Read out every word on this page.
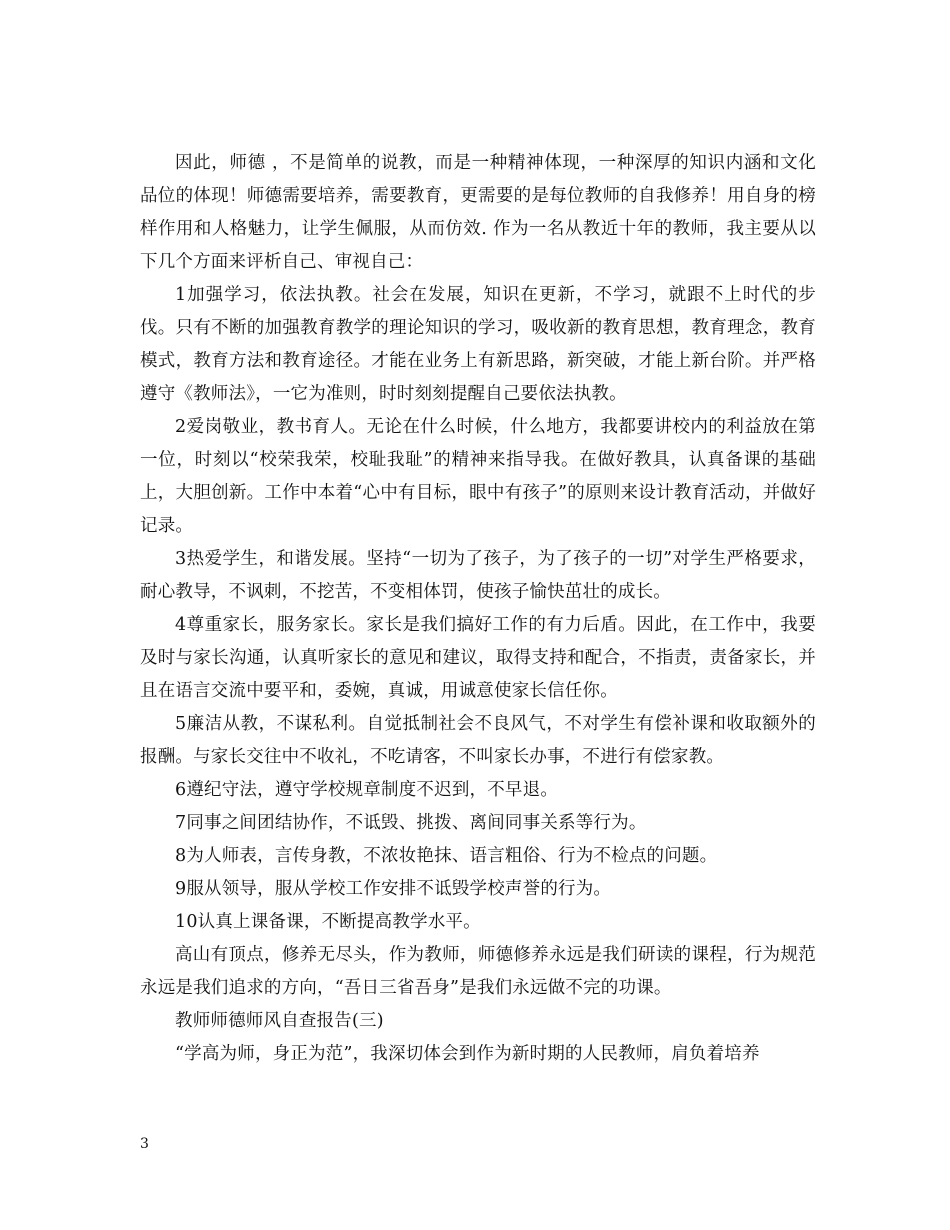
因此，师德 ，不是简单的说教，而是一种精神体现，一种深厚的知识内涵和文化品位的体现！师德需要培养，需要教育，更需要的是每位教师的自我修养！用自身的榜样作用和人格魅力，让学生佩服，从而仿效. 作为一名从教近十年的教师，我主要从以下几个方面来评析自己、审视自己：

1加强学习，依法执教。社会在发展，知识在更新，不学习，就跟不上时代的步伐。只有不断的加强教育教学的理论知识的学习，吸收新的教育思想，教育理念，教育模式，教育方法和教育途径。才能在业务上有新思路，新突破，才能上新台阶。并严格遵守《教师法》，一它为准则，时时刻刻提醒自己要依法执教。

2爱岗敬业，教书育人。无论在什么时候，什么地方，我都要讲校内的利益放在第一位，时刻以“校荣我荣，校耻我耻”的精神来指导我。在做好教具，认真备课的基础上，大胆创新。工作中本着“心中有目标，眼中有孩子”的原则来设计教育活动，并做好记录。

3热爱学生，和谐发展。坚持“一切为了孩子，为了孩子的一切”对学生严格要求，耐心教导，不讽刺，不挖苦，不变相体罚，使孩子愉快茁壮的成长。

4尊重家长，服务家长。家长是我们搞好工作的有力后盾。因此，在工作中，我要及时与家长沟通，认真听家长的意见和建议，取得支持和配合，不指责，责备家长，并且在语言交流中要平和，委婉，真诚，用诚意使家长信任你。

5廉洁从教，不谋私利。自觉抵制社会不良风气，不对学生有偿补课和收取额外的报酬。与家长交往中不收礼，不吃请客，不叫家长办事，不进行有偿家教。

6遵纪守法，遵守学校规章制度不迟到，不早退。

7同事之间团结协作，不诋毁、挑拨、离间同事关系等行为。

8为人师表，言传身教，不浓妆艳抹、语言粗俗、行为不检点的问题。

9服从领导，服从学校工作安排不诋毁学校声誉的行为。

10认真上课备课，不断提高教学水平。

高山有顶点，修养无尽头，作为教师，师德修养永远是我们研读的课程，行为规范永远是我们追求的方向，“吾日三省吾身”是我们永远做不完的功课。

教师师德师风自查报告(三)

“学高为师，身正为范”，我深切体会到作为新时期的人民教师，肩负着培养

3
